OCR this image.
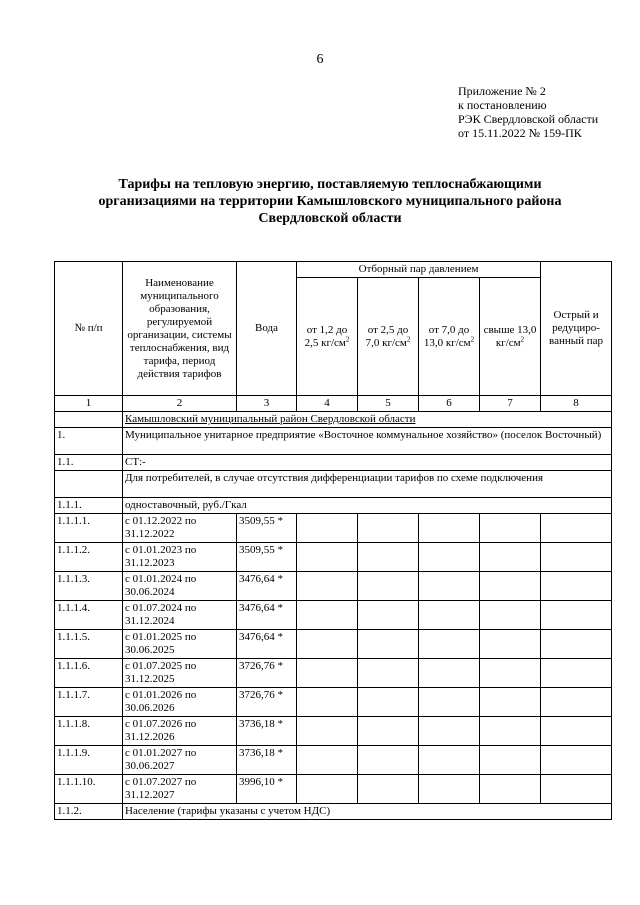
6
Приложение № 2
к постановлению
РЭК Свердловской области
от 15.11.2022 № 159-ПК
Тарифы на тепловую энергию, поставляемую теплоснабжающими организациями на территории Камышловского муниципального района Свердловской области
№ п/п	Наименование муниципального образования, регулируемой организации, системы теплоснабжения, вид тарифа, период действия тарифов	Вода	Отборный пар давлением				Острый и редуциро-ванный пар
			от 1,2 до 2,5 $кг/см^2$	от 2,5 до 7,0 $кг/см^2$	от 7,0 до 13,0 $кг/см^2$	свыше 13,0 $кг/см^2$
1	2	3	4	5	6	7	8
	Камышловский муниципальный район Свердловской области						
1.	Муниципальное унитарное предприятие «Восточное коммунальное хозяйство» (поселок Восточный)						
1.1.	СТ:-						
	Для потребителей, в случае отсутствия дифференциации тарифов по схеме подключения						
1.1.1.	одноставочный, руб./Гкал						
1.1.1.1.	с 01.12.2022 по 31.12.2022	3509,55 *					
1.1.1.2.	с 01.01.2023 по 31.12.2023	3509,55 *					
1.1.1.3.	с 01.01.2024 по 30.06.2024	3476,64 *					
1.1.1.4.	с 01.07.2024 по 31.12.2024	3476,64 *					
1.1.1.5.	с 01.01.2025 по 30.06.2025	3476,64 *					
1.1.1.6.	с 01.07.2025 по 31.12.2025	3726,76 *					
1.1.1.7.	с 01.01.2026 по 30.06.2026	3726,76 *					
1.1.1.8.	с 01.07.2026 по 31.12.2026	3736,18 *					
1.1.1.9.	с 01.01.2027 по 30.06.2027	3736,18 *					
1.1.1.10.	с 01.07.2027 по 31.12.2027	3996,10 *					
1.1.2.	Население (тарифы указаны с учетом НДС)						
